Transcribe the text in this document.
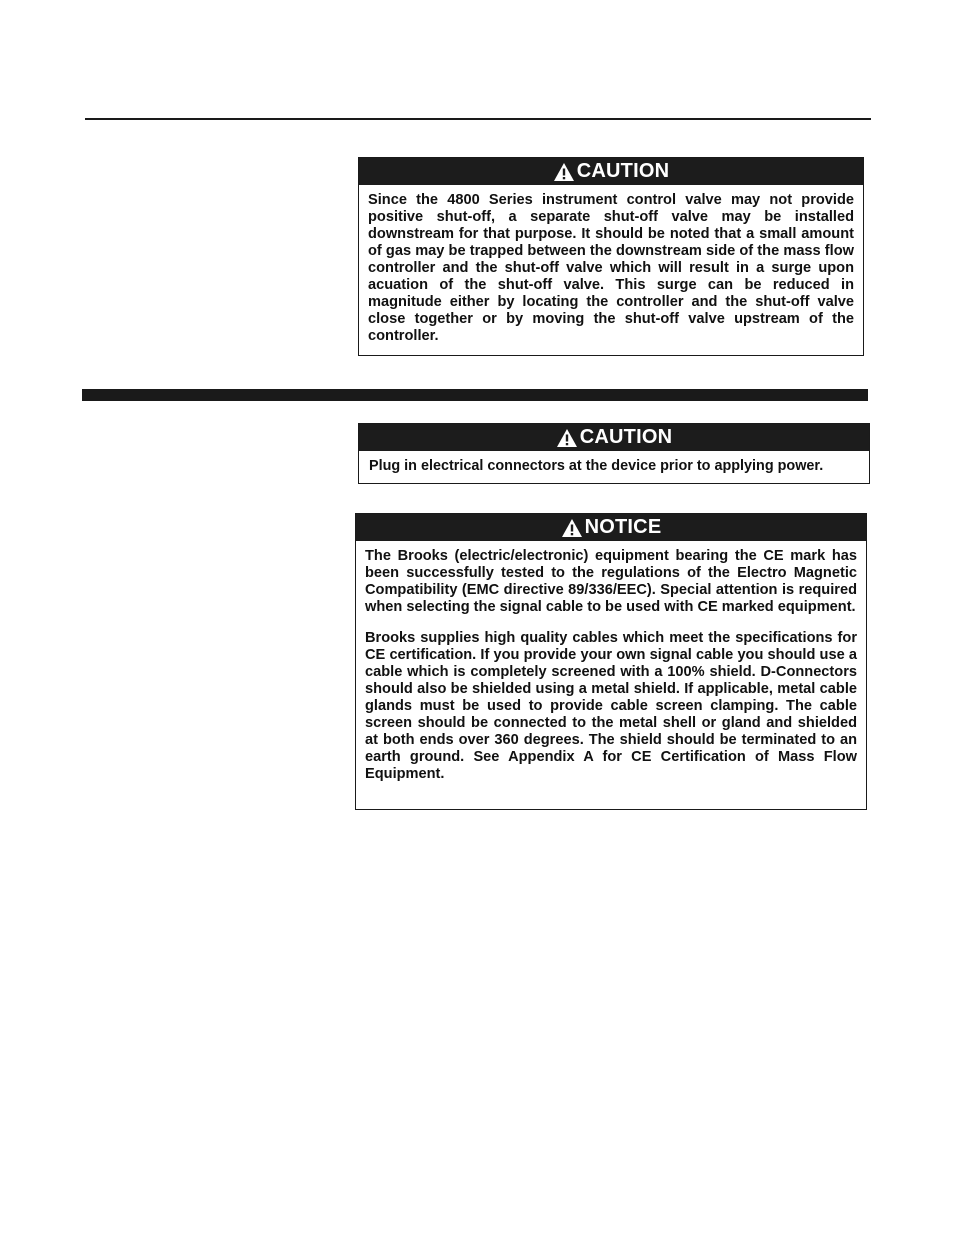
CAUTION

Since the 4800 Series instrument control valve may not provide positive shut-off, a separate shut-off valve may be installed downstream for that purpose. It should be noted that a small amount of gas may be trapped between the downstream side of the mass flow controller and the shut-off valve which will result in a surge upon acuation of the shut-off valve. This surge can be reduced in magnitude either by locating the controller and the shut-off valve close together or by moving the shut-off valve upstream of the controller.

CAUTION

Plug in electrical connectors at the device prior to applying power.

NOTICE

The Brooks (electric/electronic) equipment bearing the CE mark has been successfully tested to the regulations of the Electro Magnetic Compatibility (EMC directive 89/336/EEC). Special attention is required when selecting the signal cable to be used with CE marked equipment.

Brooks supplies high quality cables which meet the specifications for CE certification. If you provide your own signal cable you should use a cable which is completely screened with a 100% shield. D-Connectors should also be shielded using a metal shield. If applicable, metal cable glands must be used to provide cable screen clamping. The cable screen should be connected to the metal shell or gland and shielded at both ends over 360 degrees. The shield should be terminated to an earth ground. See Appendix A for CE Certification of Mass Flow Equipment.
